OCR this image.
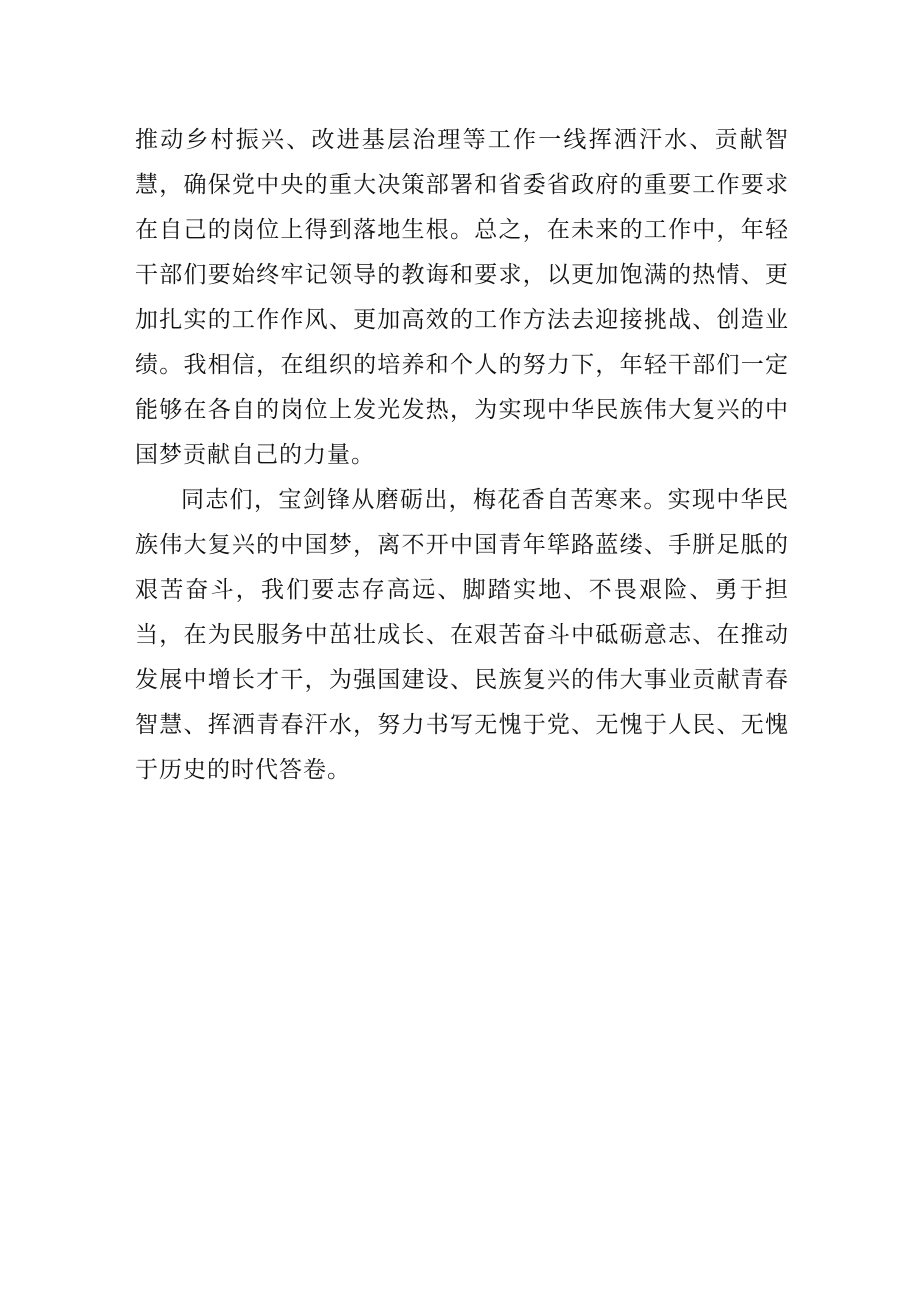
推动乡村振兴、改进基层治理等工作一线挥洒汗水、贡献智慧，确保党中央的重大决策部署和省委省政府的重要工作要求在自己的岗位上得到落地生根。总之，在未来的工作中，年轻干部们要始终牢记领导的教诲和要求，以更加饱满的热情、更加扎实的工作作风、更加高效的工作方法去迎接挑战、创造业绩。我相信，在组织的培养和个人的努力下，年轻干部们一定能够在各自的岗位上发光发热，为实现中华民族伟大复兴的中国梦贡献自己的力量。

同志们，宝剑锋从磨砺出，梅花香自苦寒来。实现中华民族伟大复兴的中国梦，离不开中国青年筚路蓝缕、手胼足胝的艰苦奋斗，我们要志存高远、脚踏实地、不畏艰险、勇于担当，在为民服务中茁壮成长、在艰苦奋斗中砥砺意志、在推动发展中增长才干，为强国建设、民族复兴的伟大事业贡献青春智慧、挥洒青春汗水，努力书写无愧于党、无愧于人民、无愧于历史的时代答卷。
